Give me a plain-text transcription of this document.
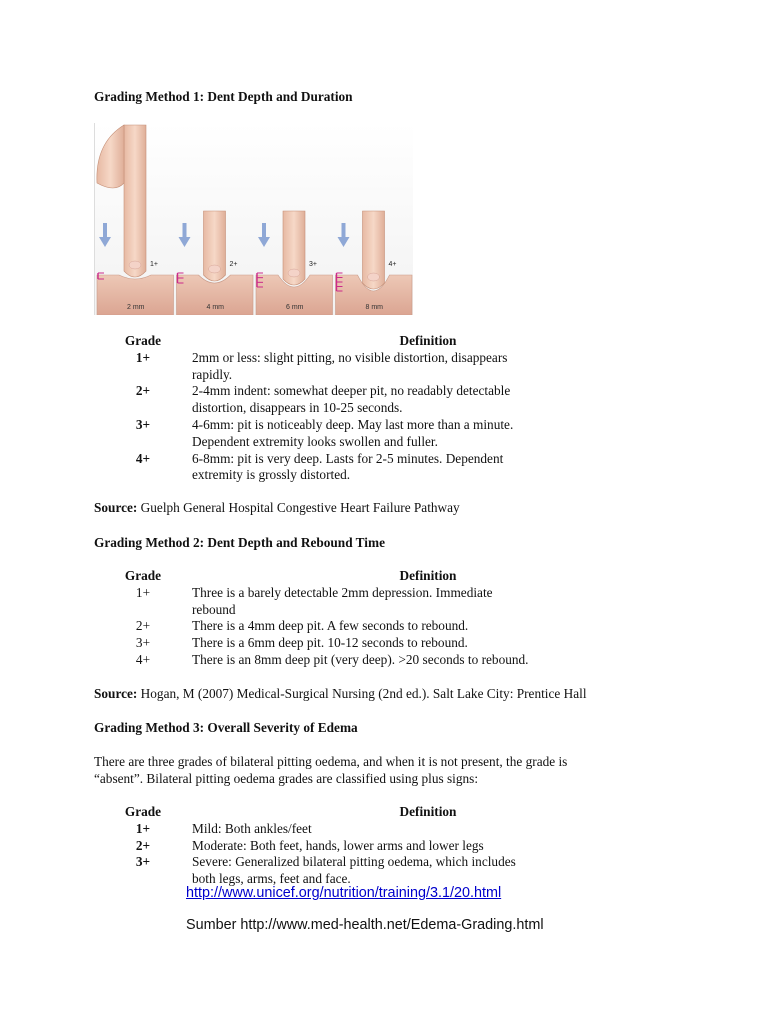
Grading Method 1: Dent Depth and Duration
1+
2 mm
2+
4 mm
3+
6 mm
4+
8 mm
Grade	Definition
1+	2mm or less: slight pitting, no visible distortion, disappears
rapidly.

2+	2-4mm indent: somewhat deeper pit, no readably detectable
distortion, disappears in 10-25 seconds.

3+	4-6mm: pit is noticeably deep. May last more than a minute.
Dependent extremity looks swollen and fuller.

4+	6-8mm: pit is very deep. Lasts for 2-5 minutes. Dependent
extremity is grossly distorted.
Source: Guelph General Hospital Congestive Heart Failure Pathway
Grading Method 2: Dent Depth and Rebound Time
Grade	Definition
1+	Three is a barely detectable 2mm depression. Immediate
rebound

2+	There is a 4mm deep pit. A few seconds to rebound.

3+	There is a 6mm deep pit. 10-12 seconds to rebound.

4+	There is an 8mm deep pit (very deep). >20 seconds to rebound.
Source: Hogan, M (2007) Medical-Surgical Nursing (2nd ed.). Salt Lake City: Prentice Hall
Grading Method 3: Overall Severity of Edema
There are three grades of bilateral pitting oedema, and when it is not present, the grade is
“absent”. Bilateral pitting oedema grades are classified using plus signs:
Grade	Definition
1+	Mild: Both ankles/feet

2+	Moderate: Both feet, hands, lower arms and lower legs

3+	Severe: Generalized bilateral pitting oedema, which includes
both legs, arms, feet and face.
http://www.unicef.org/nutrition/training/3.1/20.html
Sumber http://www.med-health.net/Edema-Grading.html
